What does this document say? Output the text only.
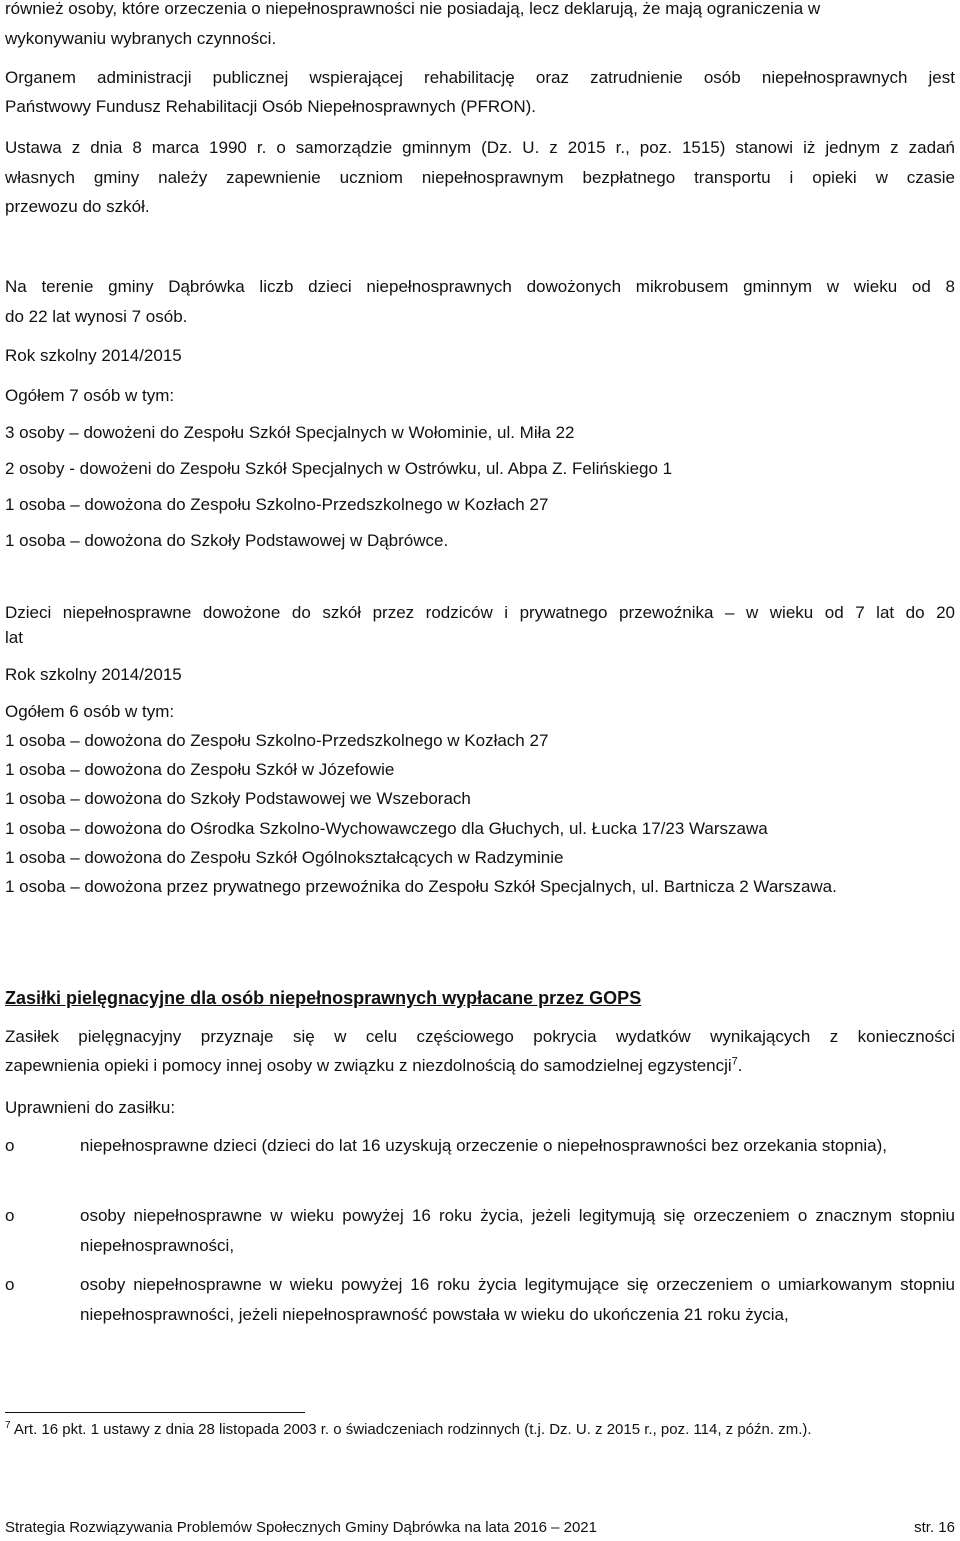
również osoby, które orzeczenia o niepełnosprawności nie posiadają, lecz deklarują, że mają ograniczenia w

wykonywaniu wybranych czynności.

Organem administracji publicznej wspierającej rehabilitację oraz zatrudnienie osób niepełnosprawnych jest

Państwowy Fundusz Rehabilitacji Osób Niepełnosprawnych (PFRON).

Ustawa z dnia 8 marca 1990 r. o samorządzie gminnym (Dz. U. z 2015 r., poz. 1515) stanowi iż jednym z zadań

własnych gminy należy zapewnienie uczniom niepełnosprawnym bezpłatnego transportu i opieki w czasie

przewozu do szkół.

Na terenie gminy Dąbrówka liczb dzieci niepełnosprawnych dowożonych mikrobusem gminnym w wieku od 8

do 22 lat wynosi 7 osób.

Rok szkolny 2014/2015

Ogółem 7 osób w tym:

3 osoby – dowożeni do Zespołu Szkół Specjalnych w Wołominie, ul. Miła 22

2 osoby - dowożeni do Zespołu Szkół Specjalnych w Ostrówku, ul. Abpa Z. Felińskiego 1

1 osoba – dowożona do Zespołu Szkolno-Przedszkolnego w Kozłach 27

1 osoba – dowożona do Szkoły Podstawowej w Dąbrówce.

Dzieci niepełnosprawne dowożone do szkół przez rodziców i prywatnego przewoźnika – w wieku od 7 lat do 20

lat

Rok szkolny 2014/2015

Ogółem 6 osób w tym:

1 osoba – dowożona do Zespołu Szkolno-Przedszkolnego w Kozłach 27

1 osoba – dowożona do Zespołu Szkół w Józefowie

1 osoba – dowożona do Szkoły Podstawowej we Wszeborach

1 osoba – dowożona do Ośrodka Szkolno-Wychowawczego dla Głuchych, ul. Łucka 17/23 Warszawa

1 osoba – dowożona do Zespołu Szkół Ogólnokształcących w Radzyminie

1 osoba – dowożona przez prywatnego przewoźnika do Zespołu Szkół Specjalnych, ul. Bartnicza 2 Warszawa.

Zasiłki pielęgnacyjne dla osób niepełnosprawnych wypłacane przez GOPS

Zasiłek pielęgnacyjny przyznaje się w celu częściowego pokrycia wydatków wynikających z konieczności

zapewnienia opieki i pomocy innej osoby w związku z niezdolnością do samodzielnej egzystencji$^7$.

Uprawnieni do zasiłku:

o	niepełnosprawne dzieci (dzieci do lat 16 uzyskują orzeczenie o niepełnosprawności bez orzekania stopnia),
o	osoby niepełnosprawne w wieku powyżej 16 roku życia, jeżeli legitymują się orzeczeniem o znacznym stopniu niepełnosprawności,
o	osoby niepełnosprawne w wieku powyżej 16 roku życia legitymujące się orzeczeniem o umiarkowanym stopniu niepełnosprawności, jeżeli niepełnosprawność powstała w wieku do ukończenia 21 roku życia,

$^7$ Art. 16 pkt. 1 ustawy z dnia 28 listopada 2003 r. o świadczeniach rodzinnych (t.j. Dz. U. z 2015 r., poz. 114, z późn. zm.).

Strategia Rozwiązywania Problemów Społecznych Gminy Dąbrówka na lata 2016 – 2021	str. 16
